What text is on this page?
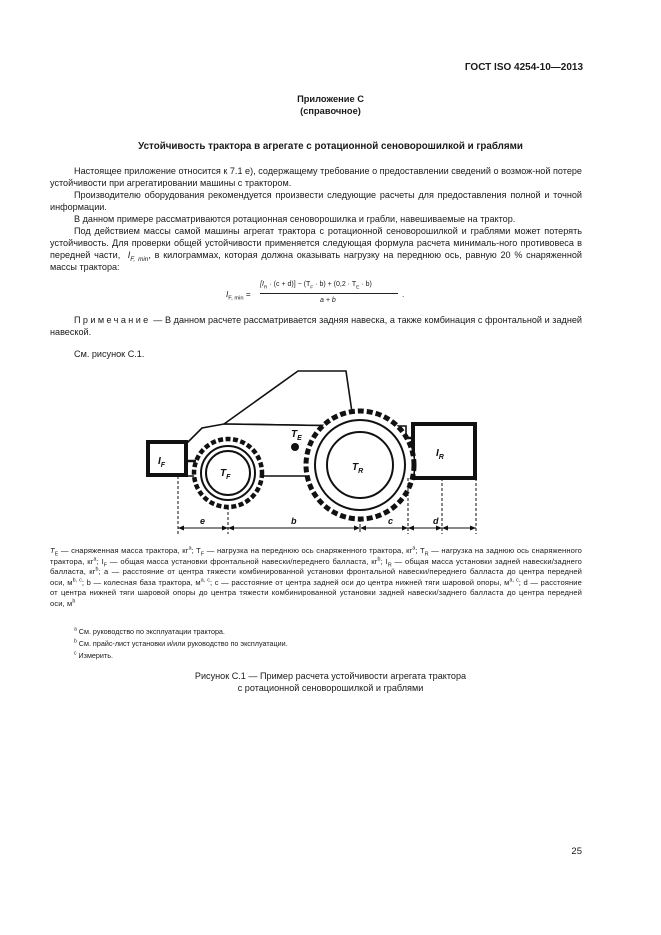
ГОСТ ISO 4254-10—2013
Приложение С
(справочное)
Устойчивость трактора в агрегате с ротационной сеноворошилкой и граблями
Настоящее приложение относится к 7.1 е), содержащему требование о предоставлении сведений о возмож-ной потере устойчивости при агрегатировании машины с трактором.
Производителю оборудования рекомендуется произвести следующие расчеты для предоставления полной и точной информации.
В данном примере рассматриваются ротационная сеноворошилка и грабли, навешиваемые на трактор.
Под действием массы самой машины агрегат трактора с ротационной сеноворошилкой и граблями может потерять устойчивость. Для проверки общей устойчивости применяется следующая формула расчета минималь-ного противовеса в передней части,  $I_{F, min}$, в килограммах, которая должна оказывать нагрузку на переднюю ось, равную 20 % снаряженной массы трактора:
$I_{F, min}$ =
$[I_R \cdot (c + d)] - (T_F \cdot b) + (0,2 \cdot T_E \cdot b)$
a + b
.
Примечание — В данном расчете рассматривается задняя навеска, а также комбинация с фронтальной и задней навеской.
См. рисунок С.1.
$I_F$
$T_F$
$T_E$
$T_R$
$I_R$
e	b	c	d
$T_E$ — снаряженная масса трактора, $кг^a$; $T_F$ — нагрузка на переднюю ось снаряженного трактора, $кг^a$; $T_R$ — нагрузка на заднюю ось снаряженного трактора, $кг^a$; $I_F$ — общая масса установки фронтальной навески/переднего балласта, $кг^b$; $I_R$ — общая масса установки задней навески/заднего балласта, $кг^b$; a — расстояние от центра тяжести комбинированной установки фронтальной навески/переднего балласта до центра передней оси, $м^{b, c}$; b — колесная база трактора, $м^{a, c}$; c — расстояние от центра задней оси до центра нижней тяги шаровой опоры, $м^{a, c}$; d — расстояние от центра нижней тяги шаровой опоры до центра тяжести комбинированной установки задней навески/заднего балласта до центра передней оси, $м^b$
$^a$ См. руководство по эксплуатации трактора.
$^b$ См. прайс-лист установки и/или руководство по эксплуатации.
$^c$ Измерить.
Рисунок С.1 — Пример расчета устойчивости агрегата трактора
с ротационной сеноворошилкой и граблями
25
